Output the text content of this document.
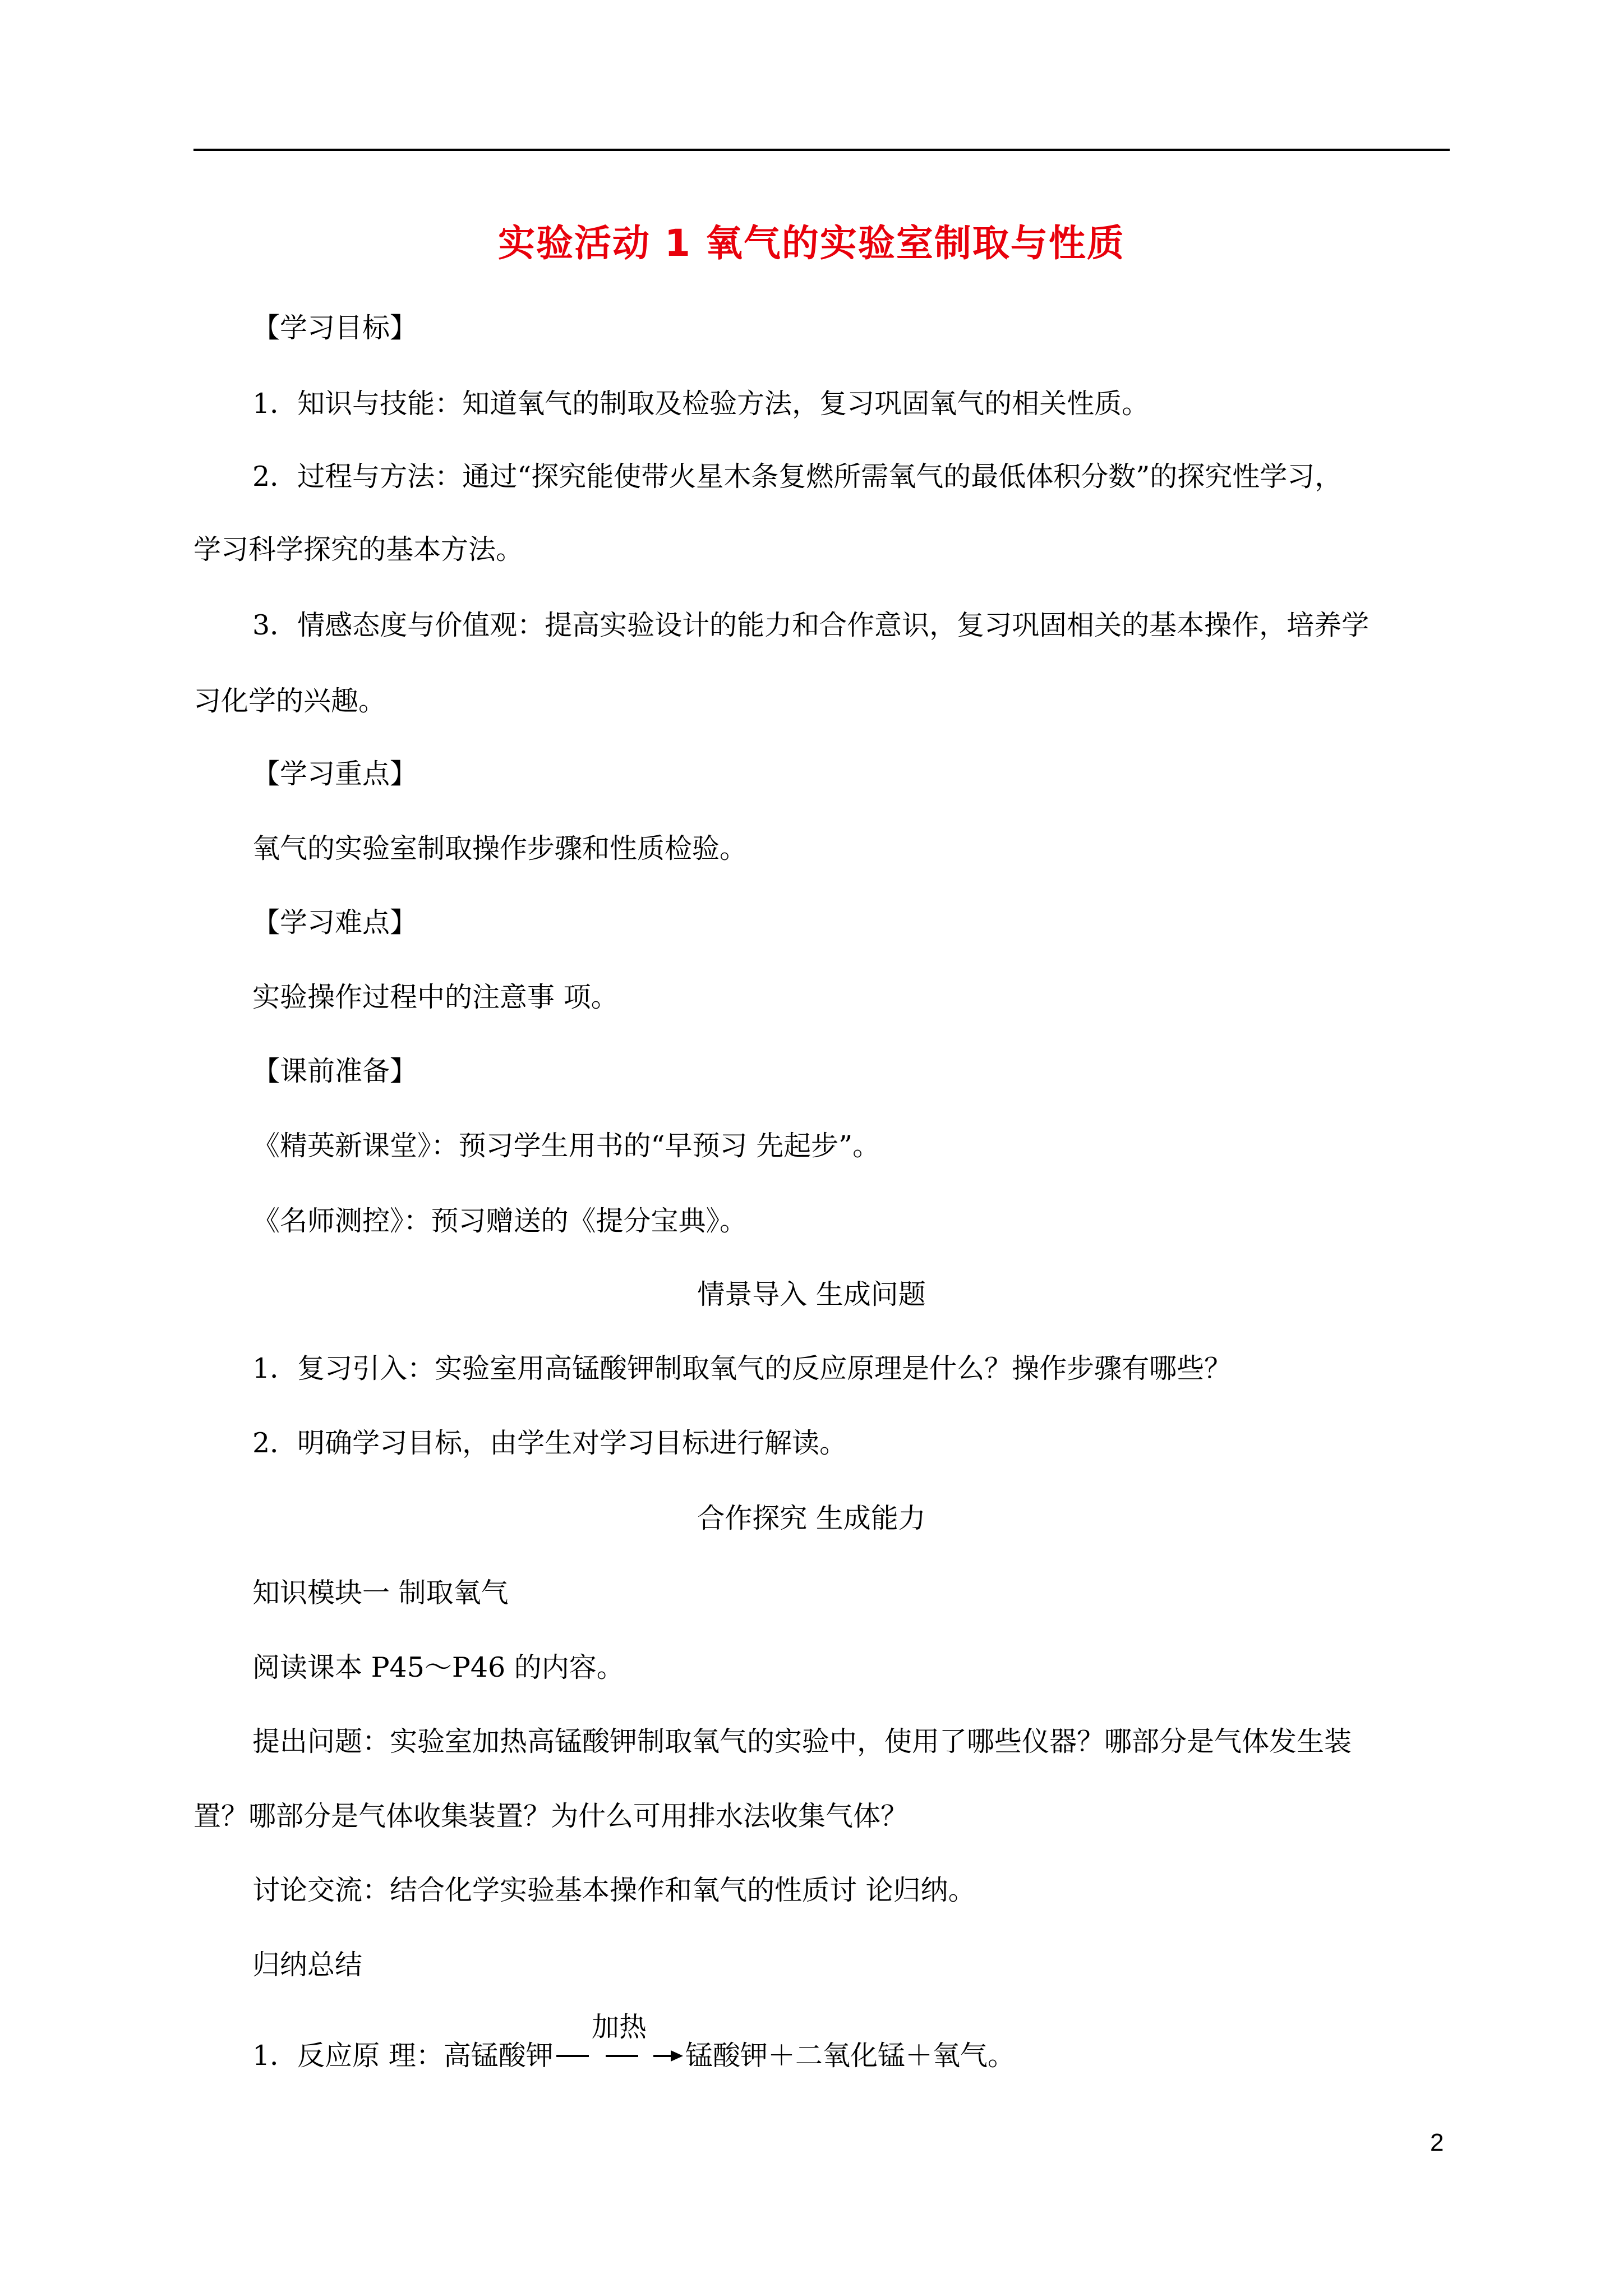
实验活动 1 氧气的实验室制取与性质
【学习目标】
1．知识与技能：知道氧气的制取及检验方法，复习巩固氧气的相关性质。
2．过程与方法：通过“探究能使带火星木条复燃所需氧气的最低体积分数”的探究性学习，
学习科学探究的基本方法。
3．情感态度与价值观：提高实验设计的能力和合作意识，复习巩固相关的基本操作，培养学
习化学的兴趣。
【学习重点】
氧气的实验室制取操作步骤和性质检验。
【学习难点】
实验操作过程中的注意事 项。
【课前准备】
《精英新课堂》：预习学生用书的“早预习 先起步”。
《名师测控》：预习赠送的《提分宝典》。
情景导入 生成问题
1．复习引入：实验室用高锰酸钾制取氧气的反应原理是什么？操作步骤有哪些？
2．明确学习目标，由学生对学习目标进行解读。
合作探究 生成能力
知识模块一 制取氧气
阅读课本 P45～P46 的内容。
提出问题：实验室加热高锰酸钾制取氧气的实验中，使用了哪些仪器？哪部分是气体发生装
置？哪部分是气体收集装置？为什么可用排水法收集气体？
讨论交流：结合化学实验基本操作和氧气的性质讨 论归纳。
归纳总结
加热
1．反应原 理：高锰酸钾	锰酸钾＋二氧化锰＋氧气。
2
